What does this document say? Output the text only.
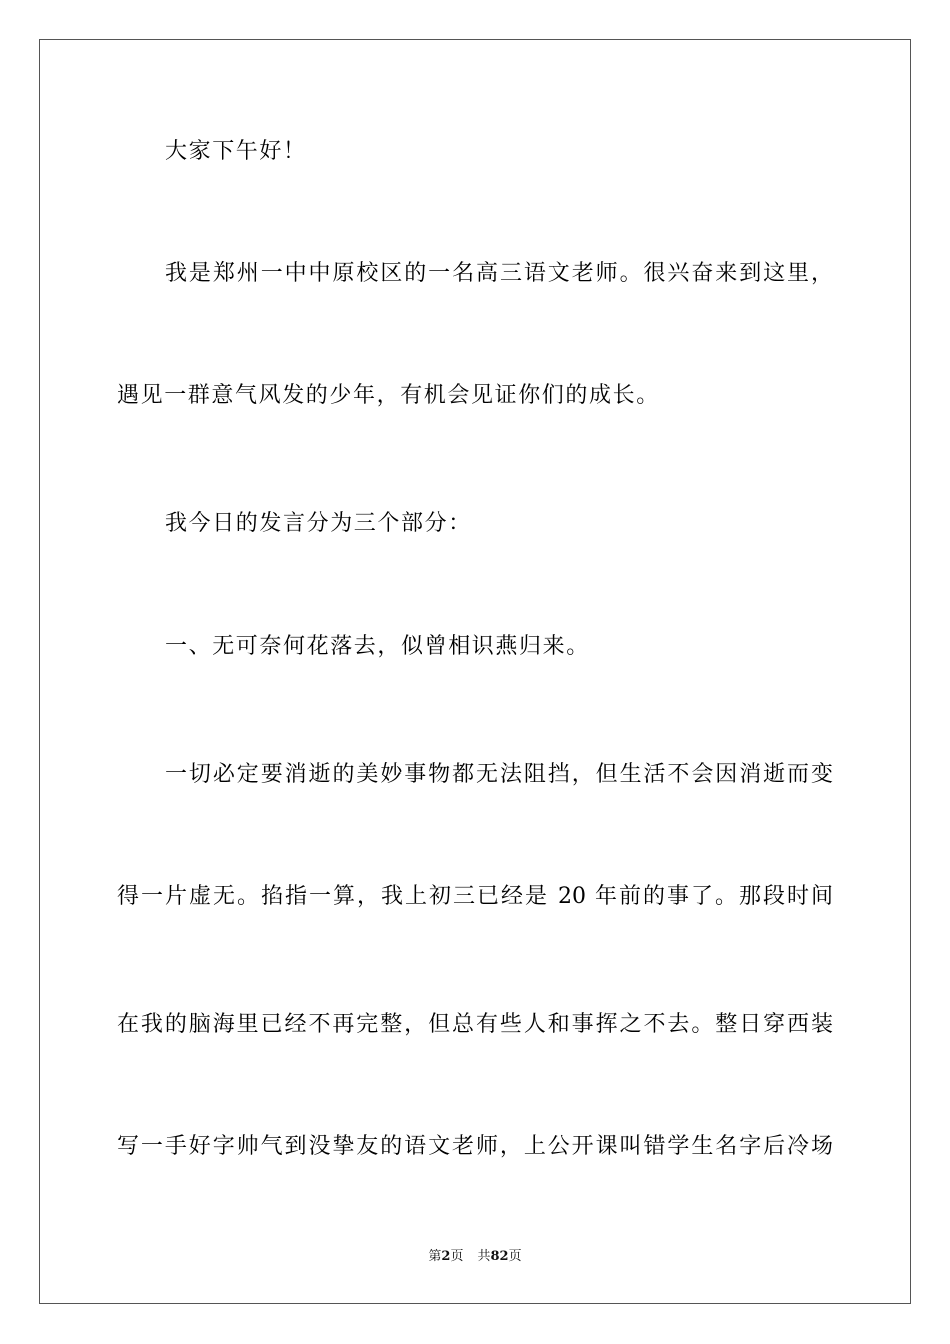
大家下午好！
我是郑州一中中原校区的一名高三语文老师。很兴奋来到这里，
遇见一群意气风发的少年，有机会见证你们的成长。
我今日的发言分为三个部分：
一、无可奈何花落去，似曾相识燕归来。
一切必定要消逝的美妙事物都无法阻挡，但生活不会因消逝而变
得一片虚无。掐指一算，我上初三已经是 20 年前的事了。那段时间
在我的脑海里已经不再完整，但总有些人和事挥之不去。整日穿西装
写一手好字帅气到没挚友的语文老师，上公开课叫错学生名字后冷场
第2页 共82页
